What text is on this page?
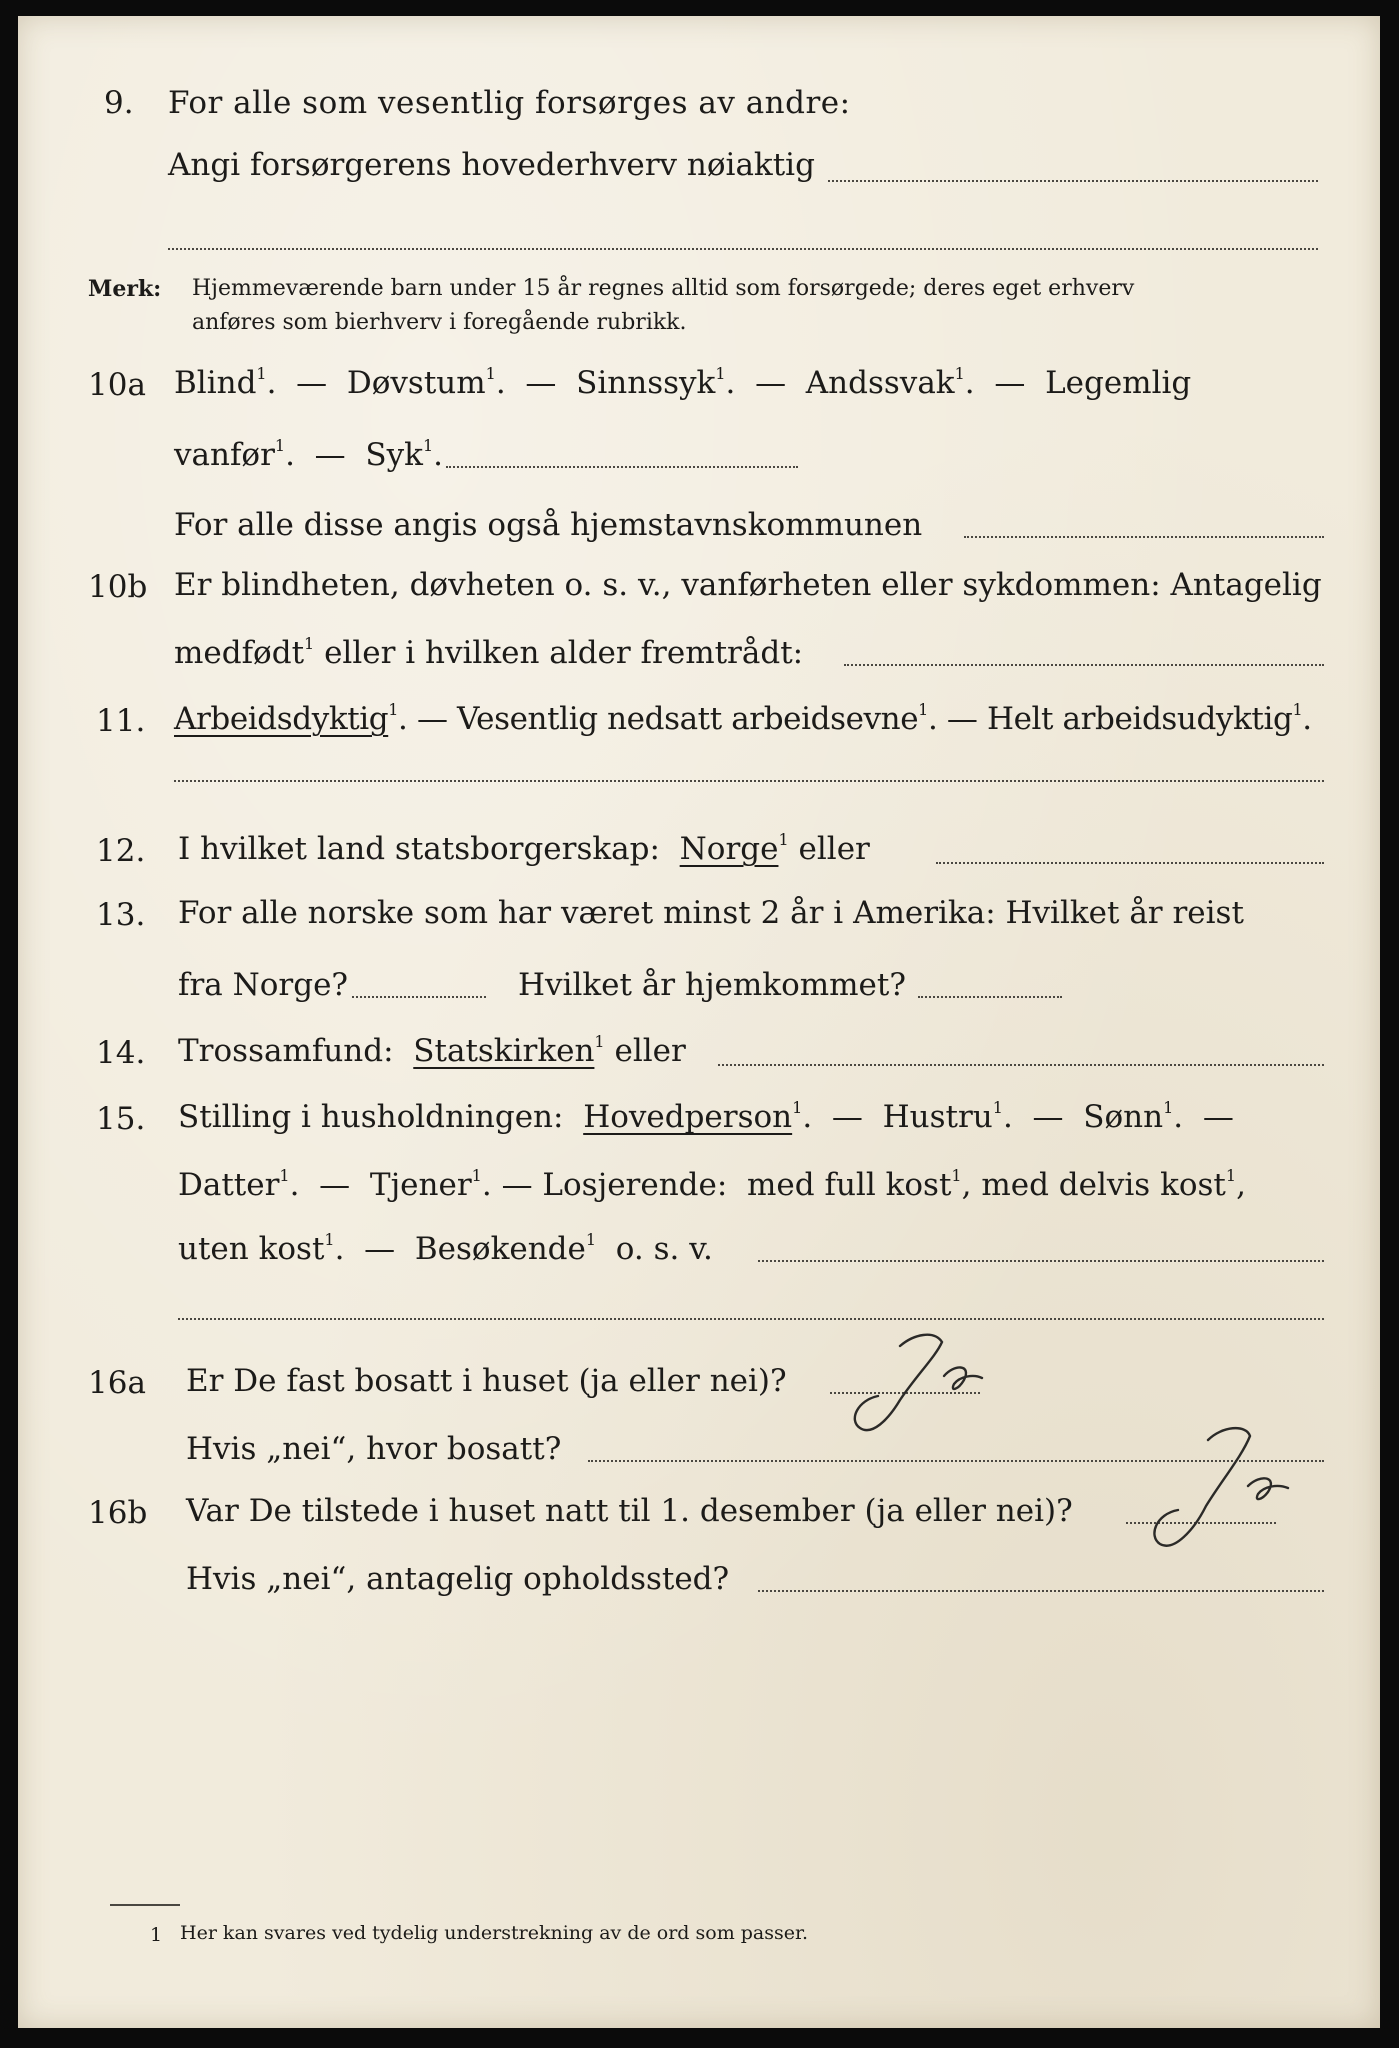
9. For alle som vesentlig forsørges av andre:
Angi forsørgerens hovederhverv nøiaktig
Merk: Hjemmeværende barn under 15 år regnes alltid som forsørgede; deres eget erhverv
anføres som bierhverv i foregående rubrikk.
10a Blind$^1$.  — Døvstum$^1$.  — Sinnssyk$^1$.  — Andssvak$^1$.  — Legemlig
vanfør$^1$.  — Syk$^1$.
For alle disse angis også hjemstavnskommunen
10b Er blindheten, døvheten o. s. v., vanførheten eller sykdommen: Antagelig
medfødt$^1$ eller i hvilken alder fremtrådt:
11. Arbeidsdyktig$^1$. — Vesentlig nedsatt arbeidsevne$^1$. — Helt arbeidsudyktig$^1$.
12. I hvilket land statsborgerskap: Norge$^1$ eller
13. For alle norske som har været minst 2 år i Amerika: Hvilket år reist
fra Norge?	Hvilket år hjemkommet?
14. Trossamfund: Statskirken$^1$ eller
15. Stilling i husholdningen: Hovedperson$^1$.  — Hustru$^1$.  — Sønn$^1$.  —
Datter$^1$.  — Tjener$^1$. — Losjerende: med full kost$^1$, med delvis kost$^1$,
uten kost$^1$.  — Besøkende$^1$ o. s. v.
16a Er De fast bosatt i huset (ja eller nei)?
Hvis „nei“, hvor bosatt?
16b Var De tilstede i huset natt til 1. desember (ja eller nei)?
Hvis „nei“, antagelig opholdssted?
1 Her kan svares ved tydelig understrekning av de ord som passer.
